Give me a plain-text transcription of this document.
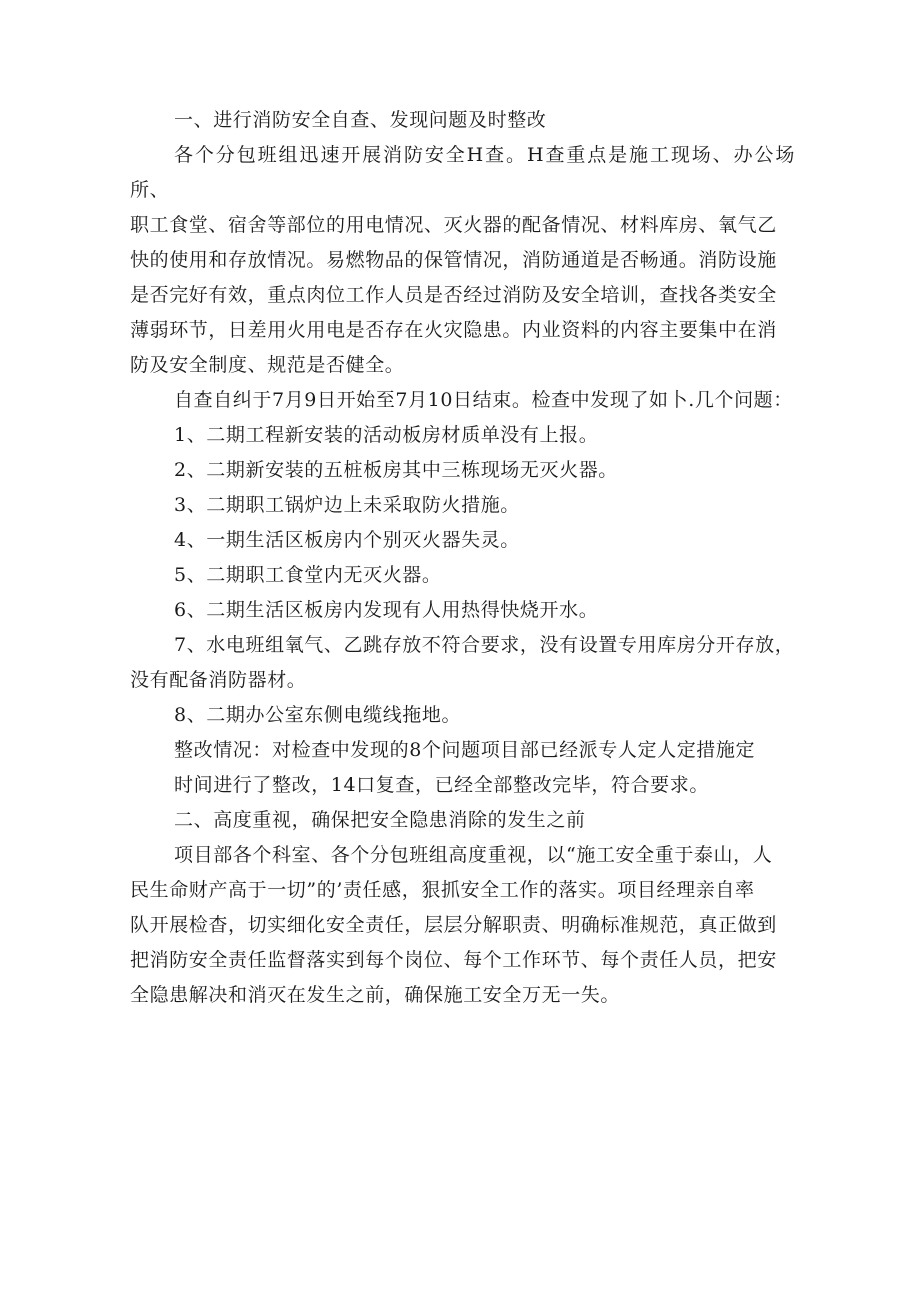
一、进行消防安全自查、发现问题及时整改

各个分包班组迅速开展消防安全H查。H查重点是施工现场、办公场所、
职工食堂、宿舍等部位的用电情况、灭火器的配备情况、材料库房、氧气乙
快的使用和存放情况。易燃物品的保管情况，消防通道是否畅通。消防设施
是否完好有效，重点肉位工作人员是否经过消防及安全培训，查找各类安全
薄弱环节，日差用火用电是否存在火灾隐患。内业资料的内容主要集中在消
防及安全制度、规范是否健全。

自查自纠于7月9日开始至7月10日结束。检查中发现了如卜.几个问题：

1、二期工程新安装的活动板房材质单没有上报。

2、二期新安装的五桩板房其中三栋现场无灭火器。

3、二期职工锅炉边上未采取防火措施。

4、一期生活区板房内个别灭火器失灵。

5、二期职工食堂内无灭火器。

6、二期生活区板房内发现有人用热得快烧开水。

7、水电班组氧气、乙跳存放不符合要求，没有设置专用库房分开存放，
没有配备消防器材。

8、二期办公室东侧电缆线拖地。

整改情况：对检查中发现的8个问题项目部已经派专人定人定措施定

时间进行了整改，14口复查，已经全部整改完毕，符合要求。

二、高度重视，确保把安全隐患消除的发生之前

项目部各个科室、各个分包班组高度重视，以“施工安全重于泰山，人
民生命财产高于一切”的’责任感，狠抓安全工作的落实。项目经理亲自率
队开展检杳，切实细化安全责任，层层分解职责、明确标准规范，真正做到
把消防安全责任监督落实到每个岗位、每个工作环节、每个责任人员，把安
全隐患解决和消灭在发生之前，确保施工安全万无一失。
